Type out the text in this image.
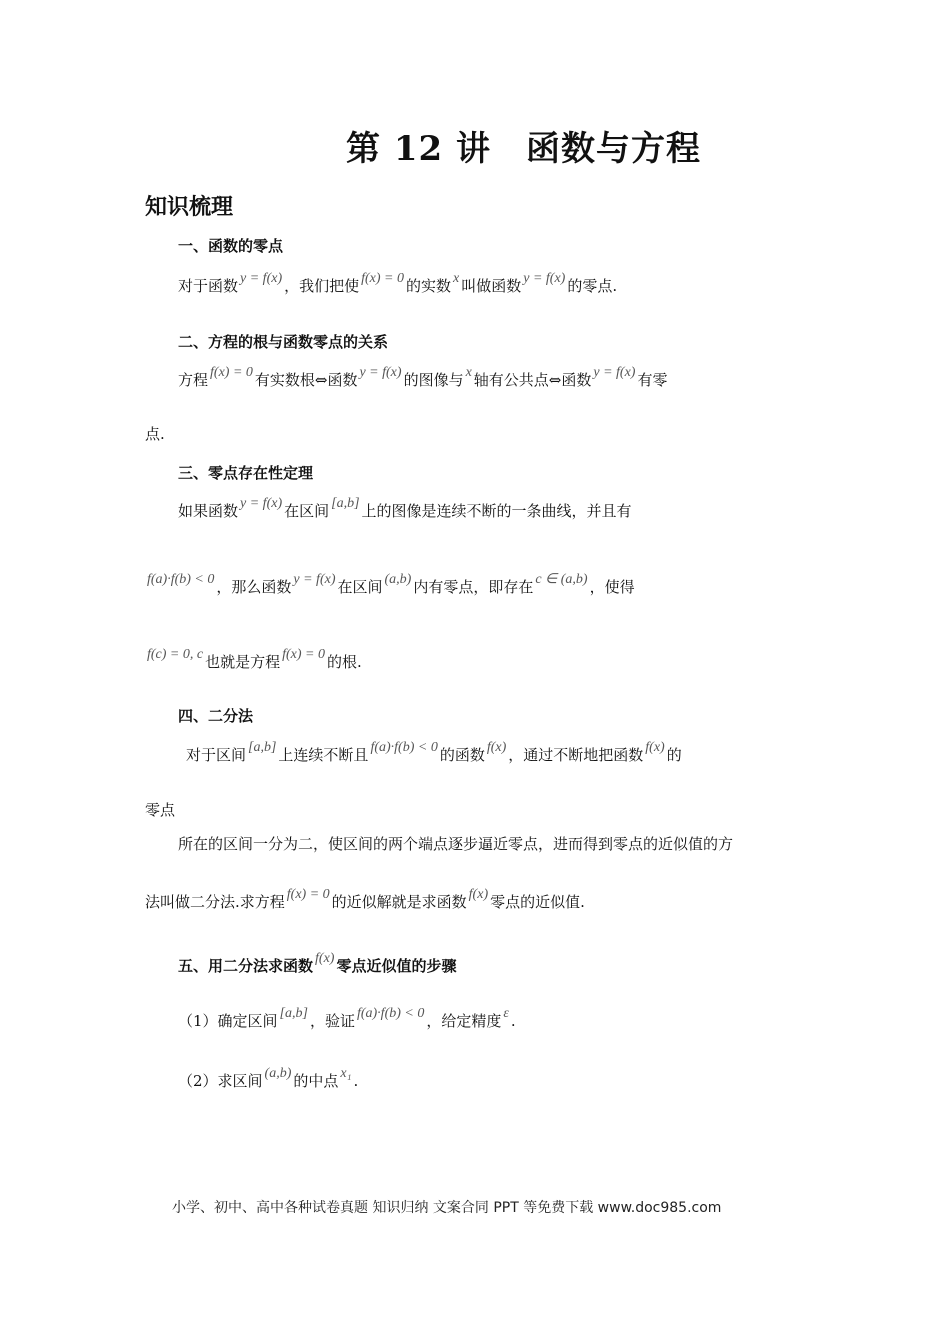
第 12 讲　函数与方程
知识梳理
一、函数的零点
对于函数 y = f(x) ，我们把使 f(x) = 0 的实数 x 叫做函数 y = f(x) 的零点.
二、方程的根与函数零点的关系
方程 f(x) = 0 有实数根⇔函数 y = f(x) 的图像与 x 轴有公共点⇔函数 y = f(x) 有零
点.
三、零点存在性定理
如果函数 y = f(x) 在区间 [a,b] 上的图像是连续不断的一条曲线，并且有
f(a)·f(b) < 0 ，那么函数 y = f(x) 在区间 (a,b) 内有零点，即存在 c ∈ (a,b) ，使得
f(c) = 0, c 也就是方程 f(x) = 0 的根.
四、二分法
对于区间 [a,b] 上连续不断且 f(a)·f(b) < 0 的函数 f(x) ，通过不断地把函数 f(x) 的
零点
所在的区间一分为二，使区间的两个端点逐步逼近零点，进而得到零点的近似值的方
法叫做二分法.求方程 f(x) = 0 的近似解就是求函数 f(x) 零点的近似值.
五、用二分法求函数 f(x) 零点近似值的步骤
（1）确定区间 [a,b] ，验证 f(a)·f(b) < 0 ，给定精度 ε .
（2）求区间 (a,b) 的中点 x₁ .
小学、初中、高中各种试卷真题 知识归纳 文案合同 PPT 等免费下载 www.doc985.com
